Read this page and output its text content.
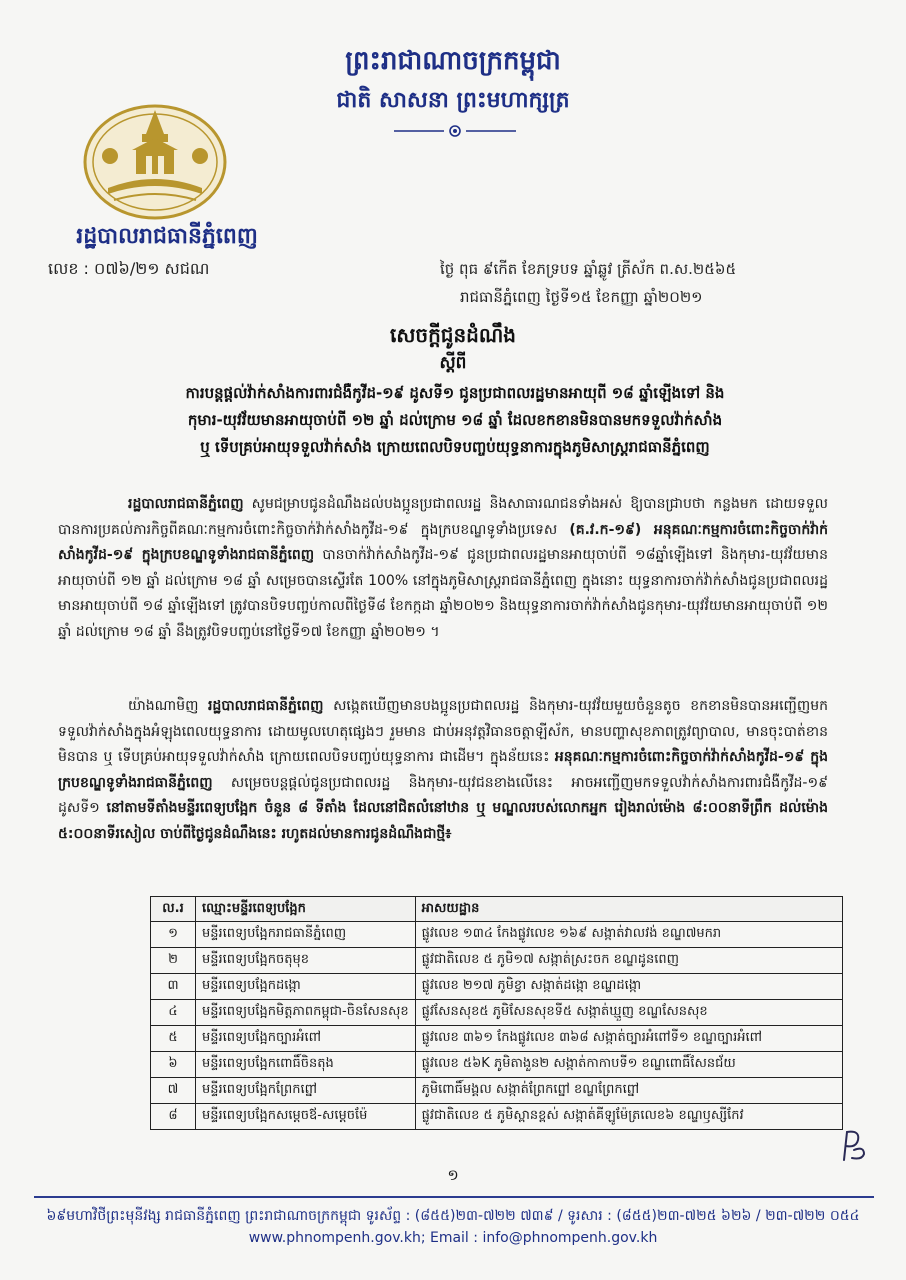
ព្រះរាជាណាចក្រកម្ពុជា
ជាតិ សាសនា ព្រះមហាក្សត្រ
រដ្ឋបាលរាជធានីភ្នំពេញ
លេខ : ០៧៦/២១ សជណ	ថ្ងៃ ពុធ ៩កើត ខែភទ្របទ ឆ្នាំឆ្លូវ ត្រីស័ក ព.ស.២៥៦៥
រាជធានីភ្នំពេញ ថ្ងៃទី១៥ ខែកញ្ញា ឆ្នាំ២០២១
សេចក្តីជូនដំណឹង
ស្តីពី
ការបន្តផ្តល់វ៉ាក់សាំងការពារជំងឺកូវីដ-១៩ ដូសទី១ ជូនប្រជាពលរដ្ឋមានអាយុពី ១៨ ឆ្នាំឡើងទៅ និង
កុមារ-យុវវ័យមានអាយុចាប់ពី ១២ ឆ្នាំ ដល់ក្រោម ១៨ ឆ្នាំ ដែលខកខានមិនបានមកទទួលវ៉ាក់សាំង
ឬ ទើបគ្រប់អាយុទទួលវ៉ាក់សាំង ក្រោយពេលបិទបញ្ចប់យុទ្ធនាការក្នុងភូមិសាស្ត្ររាជធានីភ្នំពេញ
រដ្ឋបាលរាជធានីភ្នំពេញ សូមជម្រាបជូនដំណឹងដល់បងប្អូនប្រជាពលរដ្ឋ និងសាធារណជនទាំងអស់ ឱ្យបានជ្រាបថា កន្លងមក ដោយទទួលបានការប្រគល់ភារកិច្ចពីគណៈកម្មការចំពោះកិច្ចចាក់វ៉ាក់សាំងកូវីដ-១៩ ក្នុងក្របខណ្ឌទូទាំងប្រទេស (គ.វ.ក-១៩) អនុគណៈកម្មការចំពោះកិច្ចចាក់វ៉ាក់សាំងកូវីដ-១៩ ក្នុងក្របខណ្ឌទូទាំងរាជធានីភ្នំពេញ បានចាក់វ៉ាក់សាំងកូវីដ-១៩ ជូនប្រជាពលរដ្ឋមានអាយុចាប់ពី ១៨ឆ្នាំឡើងទៅ និងកុមារ-យុវវ័យមានអាយុចាប់ពី ១២ ឆ្នាំ ដល់ក្រោម ១៨ ឆ្នាំ សម្រេចបានស្ទើរតែ 100% នៅក្នុងភូមិសាស្ត្ររាជធានីភ្នំពេញ ក្នុងនោះ យុទ្ធនាការចាក់វ៉ាក់សាំងជូនប្រជាពលរដ្ឋមានអាយុចាប់ពី ១៨ ឆ្នាំឡើងទៅ ត្រូវបានបិទបញ្ចប់កាលពីថ្ងៃទី៨ ខែកក្កដា ឆ្នាំ២០២១ និងយុទ្ធនាការចាក់វ៉ាក់សាំងជូនកុមារ-យុវវ័យមានអាយុចាប់ពី ១២ ឆ្នាំ ដល់ក្រោម ១៨ ឆ្នាំ នឹងត្រូវបិទបញ្ចប់នៅថ្ងៃទី១៧ ខែកញ្ញា ឆ្នាំ២០២១ ។
យ៉ាងណាមិញ រដ្ឋបាលរាជធានីភ្នំពេញ សង្កេតឃើញមានបងប្អូនប្រជាពលរដ្ឋ និងកុមារ-យុវវ័យមួយចំនួនតូច ខកខានមិនបានអញ្ជើញមកទទួលវ៉ាក់សាំងក្នុងអំឡុងពេលយុទ្ធនាការ ដោយមូលហេតុផ្សេងៗ រួមមាន ជាប់អនុវត្តវិធានចត្តាឡីស័ក, មានបញ្ហាសុខភាពត្រូវព្យាបាល, មានចុះបាត់ខានមិនបាន ឬ ទើបគ្រប់អាយុទទួលវ៉ាក់សាំង ក្រោយពេលបិទបញ្ចប់យុទ្ធនាការ ជាដើម។ ក្នុងន័យនេះ អនុគណៈកម្មការចំពោះកិច្ចចាក់វ៉ាក់សាំងកូវីដ-១៩ ក្នុងក្របខណ្ឌទូទាំងរាជធានីភ្នំពេញ សម្រេចបន្តផ្តល់ជូនប្រជាពលរដ្ឋ និងកុមារ-យុវជនខាងលើនេះ អាចអញ្ជើញមកទទួលវ៉ាក់សាំងការពារជំងឺកូវីដ-១៩ ដូសទី១ នៅតាមទីតាំងមន្ទីរពេទ្យបង្អែក ចំនួន ៨ ទីតាំង ដែលនៅជិតលំនៅឋាន ឬ មណ្ឌលរបស់លោកអ្នក រៀងរាល់ម៉ោង ៨:០០នាទីព្រឹក ដល់ម៉ោង ៥:០០នាទីរសៀល ចាប់ពីថ្ងៃជូនដំណឹងនេះ រហូតដល់មានការជូនដំណឹងជាថ្មី៖
ល.រ	ឈ្មោះមន្ទីរពេទ្យបង្អែក	អាសយដ្ឋាន
១	មន្ទីរពេទ្យបង្អែករាជធានីភ្នំពេញ	ផ្លូវលេខ ១៣៤ កែងផ្លូវលេខ ១៦៩ សង្កាត់វាលវង់ ខណ្ឌ៧មករា
២	មន្ទីរពេទ្យបង្អែកចតុមុខ	ផ្លូវជាតិលេខ ៥ ភូមិ១៧ សង្កាត់ស្រះចក ខណ្ឌដូនពេញ
៣	មន្ទីរពេទ្យបង្អែកដង្កោ	ផ្លូវលេខ ២១៧ ភូមិខ្វា សង្កាត់ដង្កោ ខណ្ឌដង្កោ
៤	មន្ទីរពេទ្យបង្អែកមិត្តភាពកម្ពុជា-ចិនសែនសុខ	ផ្លូវសែនសុខ៥ ភូមិសែនសុខទី៥ សង្កាត់ឃ្មួញ ខណ្ឌសែនសុខ
៥	មន្ទីរពេទ្យបង្អែកច្បារអំពៅ	ផ្លូវលេខ ៣៦១ កែងផ្លូវលេខ ៣៦៨ សង្កាត់ច្បារអំពៅទី១ ខណ្ឌច្បារអំពៅ
៦	មន្ទីរពេទ្យបង្អែកពោធិ៍ចិនតុង	ផ្លូវលេខ ៥៦K ភូមិតាងួន២ សង្កាត់កាកាបទី១ ខណ្ឌពោធិ៍សែនជ័យ
៧	មន្ទីរពេទ្យបង្អែកព្រែកព្នៅ	ភូមិពោធិ៍មង្គល សង្កាត់ព្រែកព្នៅ ខណ្ឌព្រែកព្នៅ
៨	មន្ទីរពេទ្យបង្អែកសម្តេចឪ-សម្តេចម៉ែ	ផ្លូវជាតិលេខ ៥ ភូមិស្ពានខ្ពស់ សង្កាត់គីឡូម៉ែត្រលេខ៦ ខណ្ឌឫស្សីកែវ
១
៦៩មហាវិថីព្រះមុនីវង្ស រាជធានីភ្នំពេញ ព្រះរាជាណាចក្រកម្ពុជា ទូរស័ព្ទ : (៨៥៥)២៣-៧២២ ៧៣៩ / ទូរសារ : (៨៥៥)២៣-៧២៥ ៦២៦ / ២៣-៧២២ ០៥៤
www.phnompenh.gov.kh; Email : info@phnompenh.gov.kh
